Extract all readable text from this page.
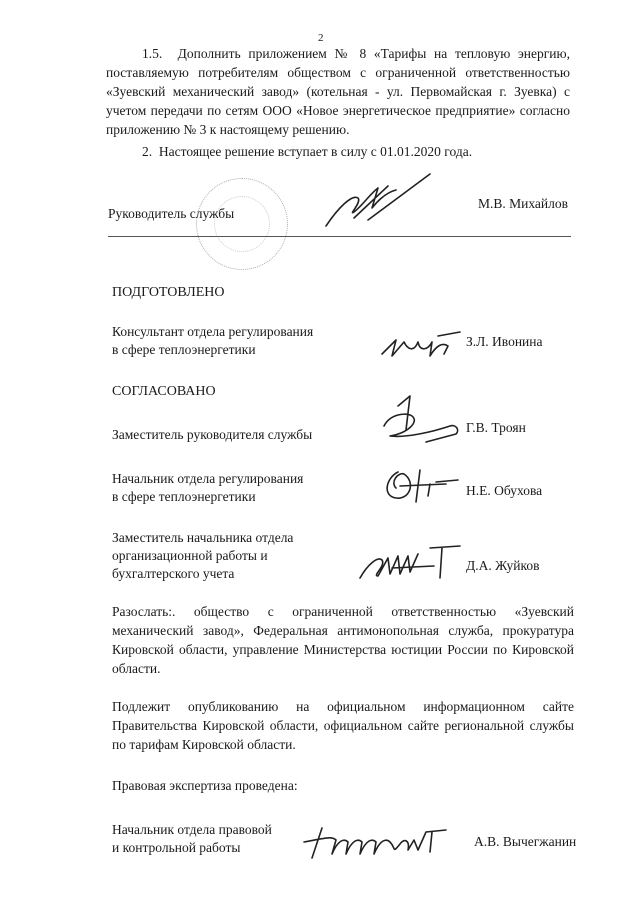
2
1.5.  Дополнить приложением № 8 «Тарифы на тепловую энергию, поставляемую потребителям обществом с ограниченной ответственностью «Зуевский механический завод» (котельная - ул. Первомайская г. Зуевка) с учетом передачи по сетям ООО «Новое энергетическое предприятие» согласно приложению № 3 к настоящему решению.
2.  Настоящее решение вступает в силу с 01.01.2020 года.
Руководитель службы
М.В. Михайлов
ПОДГОТОВЛЕНО
Консультант отдела регулирования
в сфере теплоэнергетики
З.Л. Ивонина
СОГЛАСОВАНО
Заместитель руководителя службы	Г.В. Троян
Начальник отдела регулирования
в сфере теплоэнергетики	Н.Е. Обухова
Заместитель начальника отдела
организационной работы и
бухгалтерского учета
Д.А. Жуйков
Разослать:. общество с ограниченной ответственностью «Зуевский механический завод», Федеральная антимонопольная служба, прокуратура Кировской области, управление Министерства юстиции России по Кировской области.
Подлежит опубликованию на официальном информационном сайте Правительства Кировской области, официальном сайте региональной службы по тарифам Кировской области.
Правовая экспертиза проведена:
Начальник отдела правовой
и контрольной работы	А.В. Вычегжанин
